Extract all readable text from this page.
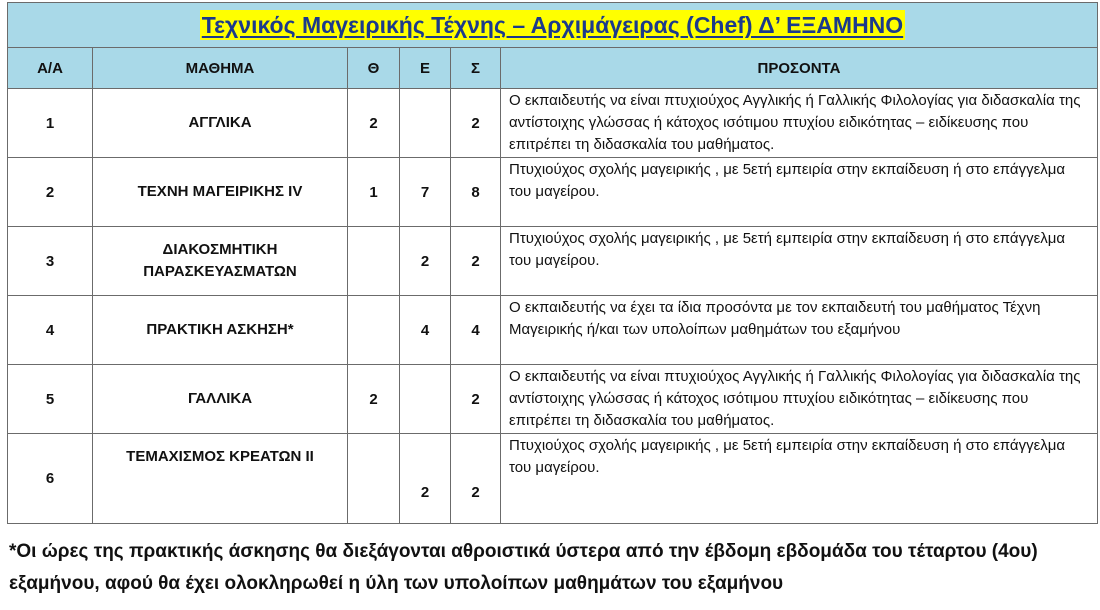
Τεχνικός Μαγειρικής Τέχνης – Αρχιμάγειρας (Chef) Δ’ ΕΞΑΜΗΝΟ					
Α/Α	ΜΑΘΗΜΑ	Θ	Ε	Σ	ΠΡΟΣΟΝΤΑ
1	ΑΓΓΛΙΚΑ	2		2	Ο εκπαιδευτής να είναι πτυχιούχος Αγγλικής ή Γαλλικής Φιλολογίας για διδασκαλία της αντίστοιχης γλώσσας ή κάτοχος ισότιμου πτυχίου ειδικότητας – ειδίκευσης που επιτρέπει τη διδασκαλία του μαθήματος.
2	ΤΕΧΝΗ ΜΑΓΕΙΡΙΚΗΣ IV	1	7	8	Πτυχιούχος σχολής μαγειρικής , με 5ετή εμπειρία στην εκπαίδευση ή στο επάγγελμα του μαγείρου.
3	ΔΙΑΚΟΣΜΗΤΙΚΗ ΠΑΡΑΣΚΕΥΑΣΜΑΤΩΝ		2	2	Πτυχιούχος σχολής μαγειρικής , με 5ετή εμπειρία στην εκπαίδευση ή στο επάγγελμα του μαγείρου.
4	ΠΡΑΚΤΙΚΗ ΑΣΚΗΣΗ*		4	4	Ο εκπαιδευτής να έχει τα ίδια προσόντα με τον εκπαιδευτή του μαθήματος Τέχνη Μαγειρικής ή/και των υπολοίπων μαθημάτων του εξαμήνου
5	ΓΑΛΛΙΚΑ	2		2	Ο εκπαιδευτής να είναι πτυχιούχος Αγγλικής ή Γαλλικής Φιλολογίας για διδασκαλία της αντίστοιχης γλώσσας ή κάτοχος ισότιμου πτυχίου ειδικότητας – ειδίκευσης που επιτρέπει τη διδασκαλία του μαθήματος.
6	ΤΕΜΑΧΙΣΜΟΣ ΚΡΕΑΤΩΝ ΙΙ		2	2	Πτυχιούχος σχολής μαγειρικής , με 5ετή εμπειρία στην εκπαίδευση ή στο επάγγελμα του μαγείρου.
*Οι ώρες της πρακτικής άσκησης θα διεξάγονται αθροιστικά ύστερα από την έβδομη εβδομάδα του τέταρτου (4ου) εξαμήνου, αφού θα έχει ολοκληρωθεί η ύλη των υπολοίπων μαθημάτων του εξαμήνου
